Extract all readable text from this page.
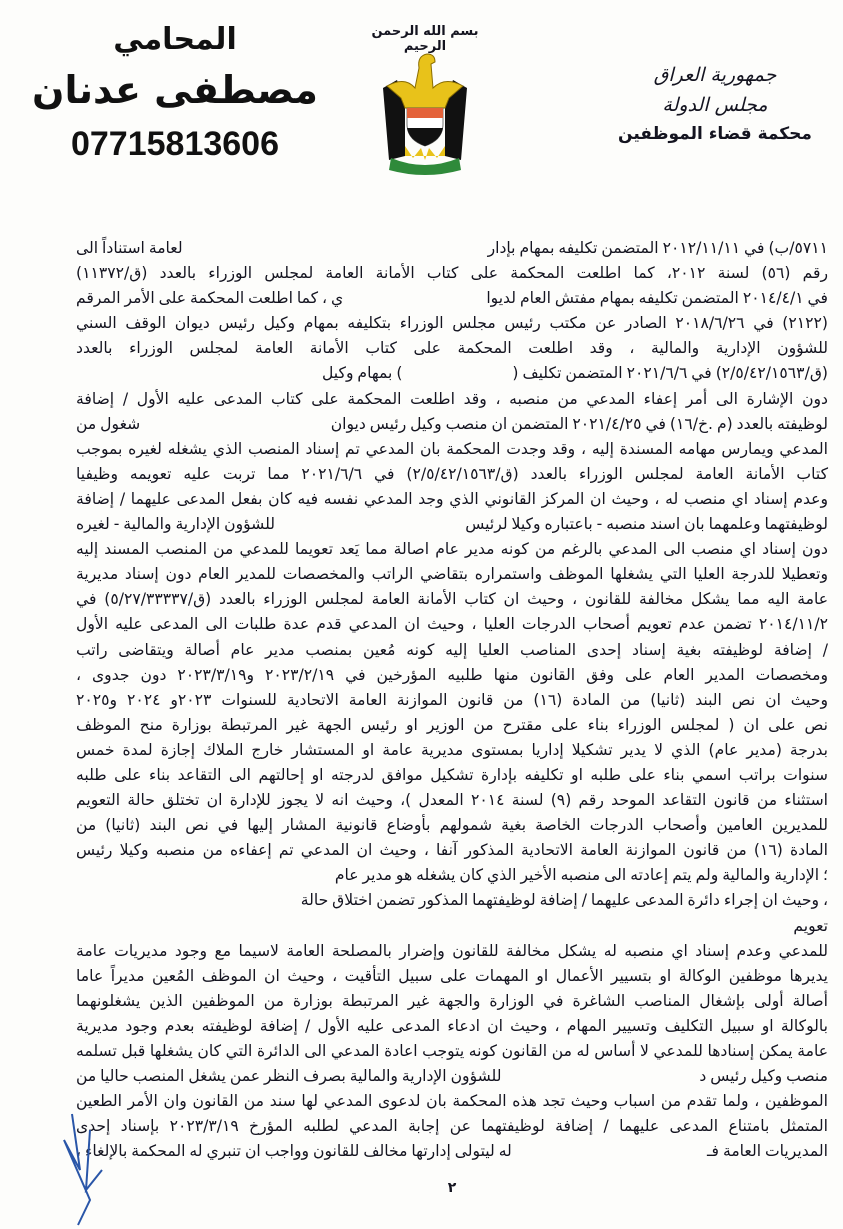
المحامي
مصطفى عدنان
07715813606
بسم الله الرحمن الرحيم
جمهورية العراق
مجلس الدولة
محكمة قضاء الموظفين
٥٧١١/ب) في ٢٠١٢/١١/١١ المتضمن تكليفه بمهام بإدار
لعامة استناداً الى
رقم (٥٦) لسنة ٢٠١٢، كما اطلعت المحكمة على كتاب الأمانة العامة لمجلس الوزراء بالعدد (ق/١١٣٧٢)
في ٢٠١٤/٤/١ المتضمن تكليفه بمهام مفتش العام لديوا
ي ، كما اطلعت المحكمة على الأمر المرقم
(٢١٢٢) في ٢٠١٨/٦/٢٦ الصادر عن مكتب رئيس مجلس الوزراء بتكليفه بمهام وكيل رئيس ديوان الوقف السني
للشؤون الإدارية والمالية ، وقد اطلعت المحكمة على كتاب الأمانة العامة لمجلس الوزراء بالعدد
(ق/٢/٥/٤٢/١٥٦٣) في ٢٠٢١/٦/٦ المتضمن تكليف (
) بمهام وكيل
دون الإشارة الى أمر إعفاء المدعي من منصبه ، وقد اطلعت المحكمة على كتاب المدعى عليه الأول / إضافة
لوظيفته بالعدد (م .خ/١٦) في ٢٠٢١/٤/٢٥ المتضمن ان منصب وكيل رئيس ديوان
شغول من
المدعي ويمارس مهامه المسندة إليه ، وقد وجدت المحكمة بان المدعي تم إسناد المنصب الذي يشغله لغيره بموجب
كتاب الأمانة العامة لمجلس الوزراء بالعدد (ق/٢/٥/٤٢/١٥٦٣) في ٢٠٢١/٦/٦ مما تربت عليه تعويمه وظيفيا
وعدم إسناد اي منصب له ، وحيث ان المركز القانوني الذي وجد المدعي نفسه فيه كان بفعل المدعى عليهما / إضافة
لوظيفتهما وعلمهما بان اسند منصبه - باعتباره وكيلا لرئيس
للشؤون الإدارية والمالية - لغيره
دون إسناد اي منصب الى المدعي بالرغم من كونه مدير عام اصالة مما يَعد تعويما للمدعي من المنصب المسند إليه
وتعطيلا للدرجة العليا التي يشغلها الموظف واستمراره بتقاضي الراتب والمخصصات للمدير العام دون إسناد مديرية
عامة اليه مما يشكل مخالفة للقانون ، وحيث ان كتاب الأمانة العامة لمجلس الوزراء بالعدد (ق/٥/٢٧/٣٣٣٣٧) في
٢٠١٤/١١/٢ تضمن عدم تعويم أصحاب الدرجات العليا ، وحيث ان المدعي قدم عدة طلبات الى المدعى عليه الأول
/ إضافة لوظيفته بغية إسناد إحدى المناصب العليا إليه كونه مُعين بمنصب مدير عام أصالة ويتقاضى راتب
ومخصصات المدير العام على وفق القانون منها طلبيه المؤرخين في ٢٠٢٣/٢/١٩ و٢٠٢٣/٣/١٩ دون جدوى ،
وحيث ان نص البند (ثانيا) من المادة (١٦) من قانون الموازنة العامة الاتحادية للسنوات ٢٠٢٣و ٢٠٢٤ و٢٠٢٥
نص على ان ( لمجلس الوزراء بناء على مقترح من الوزير او رئيس الجهة غير المرتبطة بوزارة منح الموظف
بدرجة (مدير عام) الذي لا يدير تشكيلا إداريا بمستوى مديرية عامة او المستشار خارج الملاك إجازة لمدة خمس
سنوات براتب اسمي بناء على طلبه او تكليفه بإدارة تشكيل موافق لدرجته او إحالتهم الى التقاعد بناء على طلبه
استثناء من قانون التقاعد الموحد رقم (٩) لسنة ٢٠١٤ المعدل )، وحيث انه لا يجوز للإدارة ان تختلق حالة التعويم
للمديرين العامين وأصحاب الدرجات الخاصة بغية شمولهم بأوضاع قانونية المشار إليها في نص البند (ثانيا) من
المادة (١٦) من قانون الموازنة العامة الاتحادية المذكور آنفا ، وحيث ان المدعي تم إعفاءه من منصبه وكيلا رئيس
؛ الإدارية والمالية ولم يتم إعادته الى منصبه الأخير الذي كان يشغله هو مدير عام
، وحيث ان إجراء دائرة المدعى عليهما / إضافة لوظيفتهما المذكور تضمن اختلاق حالة تعويم
للمدعي وعدم إسناد اي منصبه له يشكل مخالفة للقانون وإضرار بالمصلحة العامة لاسيما مع وجود مديريات عامة
يديرها موظفين الوكالة او بتسيير الأعمال او المهمات على سبيل التأقيت ، وحيث ان الموظف المُعين مديراً عاما
أصالة أولى بإشغال المناصب الشاغرة في الوزارة والجهة غير المرتبطة بوزارة من الموظفين الذين يشغلونهما
بالوكالة او سبيل التكليف وتسيير المهام ، وحيث ان ادعاء المدعى عليه الأول / إضافة لوظيفته بعدم وجود مديرية
عامة يمكن إسنادها للمدعي لا أساس له من القانون كونه يتوجب اعادة المدعي الى الدائرة التي كان يشغلها قبل تسلمه
منصب وكيل رئيس د
للشؤون الإدارية والمالية بصرف النظر عمن يشغل المنصب حاليا من
الموظفين ، ولما تقدم من اسباب وحيث تجد هذه المحكمة بان لدعوى المدعي لها سند من القانون وان الأمر الطعين
المتمثل بامتناع المدعى عليهما / إضافة لوظيفتهما عن إجابة المدعي لطلبه المؤرخ ٢٠٢٣/٣/١٩ بإسناد إحدى
المديريات العامة فـ
له ليتولى إدارتها مخالف للقانون وواجب ان تنبري له المحكمة بالإلغاء ،
٢
